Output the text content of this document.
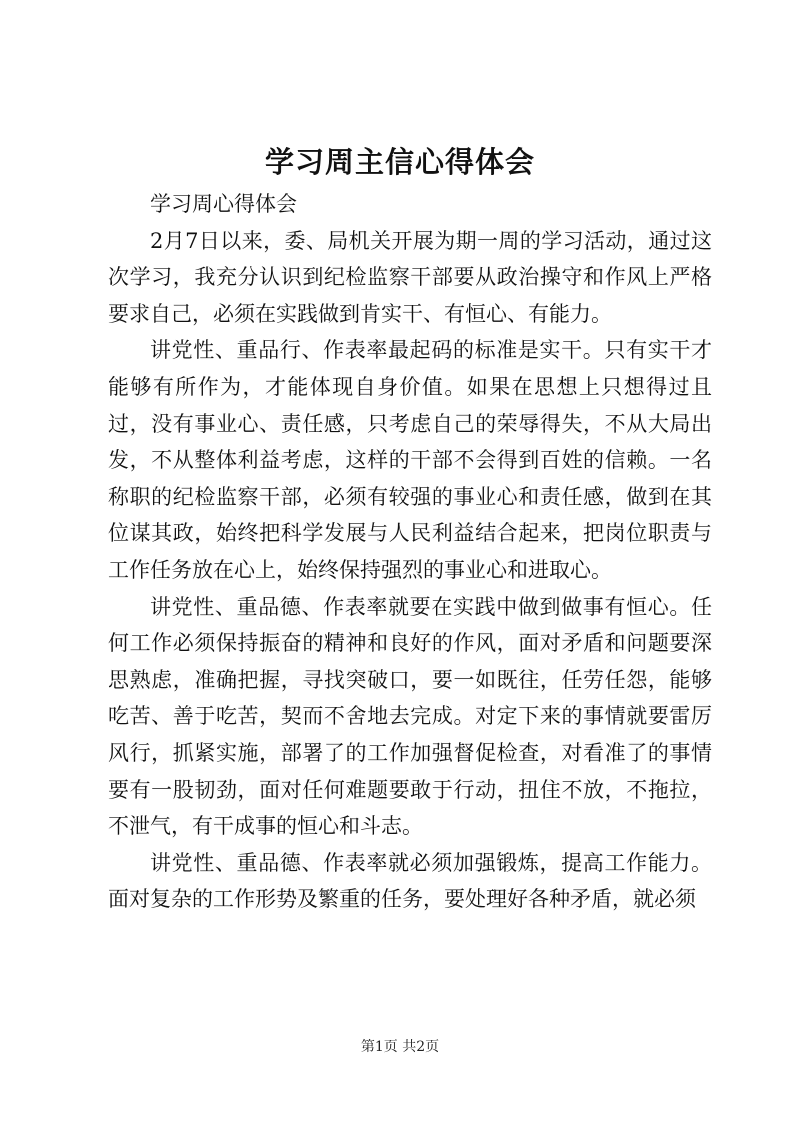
学习周主信心得体会

学习周心得体会

2月7日以来，委、局机关开展为期一周的学习活动，通过这次学习，我充分认识到纪检监察干部要从政治操守和作风上严格要求自己，必须在实践做到肯实干、有恒心、有能力。

讲党性、重品行、作表率最起码的标准是实干。只有实干才能够有所作为，才能体现自身价值。如果在思想上只想得过且过，没有事业心、责任感，只考虑自己的荣辱得失，不从大局出发，不从整体利益考虑，这样的干部不会得到百姓的信赖。一名称职的纪检监察干部，必须有较强的事业心和责任感，做到在其位谋其政，始终把科学发展与人民利益结合起来，把岗位职责与工作任务放在心上，始终保持强烈的事业心和进取心。

讲党性、重品德、作表率就要在实践中做到做事有恒心。任何工作必须保持振奋的精神和良好的作风，面对矛盾和问题要深思熟虑，准确把握，寻找突破口，要一如既往，任劳任怨，能够吃苦、善于吃苦，契而不舍地去完成。对定下来的事情就要雷厉风行，抓紧实施，部署了的工作加强督促检查，对看准了的事情要有一股韧劲，面对任何难题要敢于行动，扭住不放，不拖拉，不泄气，有干成事的恒心和斗志。

讲党性、重品德、作表率就必须加强锻炼，提高工作能力。面对复杂的工作形势及繁重的任务，要处理好各种矛盾，就必须

第1页 共2页
